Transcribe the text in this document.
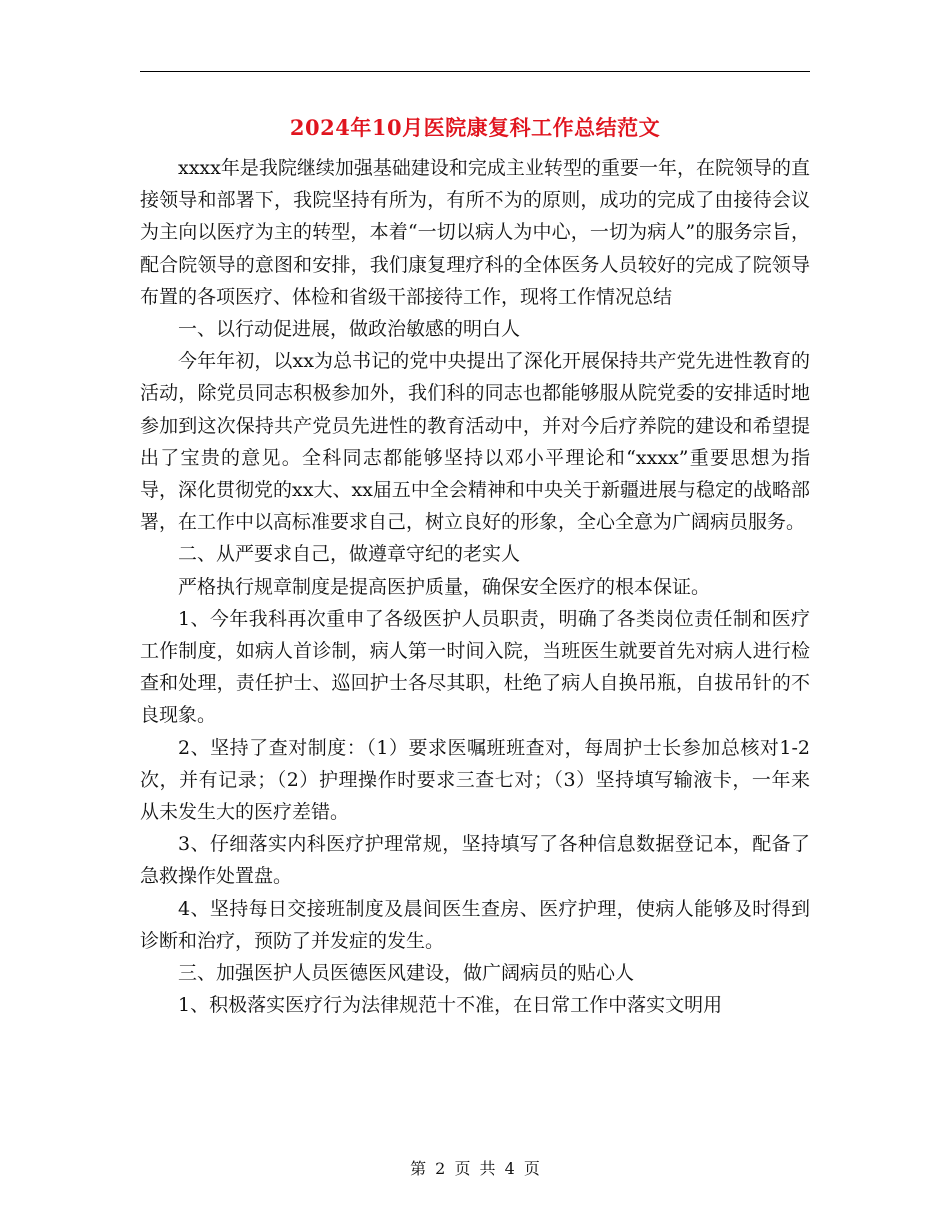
2024年10月医院康复科工作总结范文

xxxx年是我院继续加强基础建设和完成主业转型的重要一年，在院领导的直接领导和部署下，我院坚持有所为，有所不为的原则，成功的完成了由接待会议为主向以医疗为主的转型，本着“一切以病人为中心，一切为病人”的服务宗旨，配合院领导的意图和安排，我们康复理疗科的全体医务人员较好的完成了院领导布置的各项医疗、体检和省级干部接待工作，现将工作情况总结

一、以行动促进展，做政治敏感的明白人

今年年初，以xx为总书记的党中央提出了深化开展保持共产党先进性教育的活动，除党员同志积极参加外，我们科的同志也都能够服从院党委的安排适时地参加到这次保持共产党员先进性的教育活动中，并对今后疗养院的建设和希望提出了宝贵的意见。全科同志都能够坚持以邓小平理论和“xxxx”重要思想为指导，深化贯彻党的xx大、xx届五中全会精神和中央关于新疆进展与稳定的战略部署，在工作中以高标准要求自己，树立良好的形象，全心全意为广阔病员服务。

二、从严要求自己，做遵章守纪的老实人

严格执行规章制度是提高医护质量，确保安全医疗的根本保证。

1、今年我科再次重申了各级医护人员职责，明确了各类岗位责任制和医疗工作制度，如病人首诊制，病人第一时间入院，当班医生就要首先对病人进行检查和处理，责任护士、巡回护士各尽其职，杜绝了病人自换吊瓶，自拔吊针的不良现象。

2、坚持了查对制度：（1）要求医嘱班班查对，每周护士长参加总核对1-2次，并有记录；（2）护理操作时要求三查七对；（3）坚持填写输液卡，一年来从未发生大的医疗差错。

3、仔细落实内科医疗护理常规，坚持填写了各种信息数据登记本，配备了急救操作处置盘。

4、坚持每日交接班制度及晨间医生查房、医疗护理，使病人能够及时得到诊断和治疗，预防了并发症的发生。

三、加强医护人员医德医风建设，做广阔病员的贴心人

1、积极落实医疗行为法律规范十不准，在日常工作中落实文明用

第 2 页 共 4 页
